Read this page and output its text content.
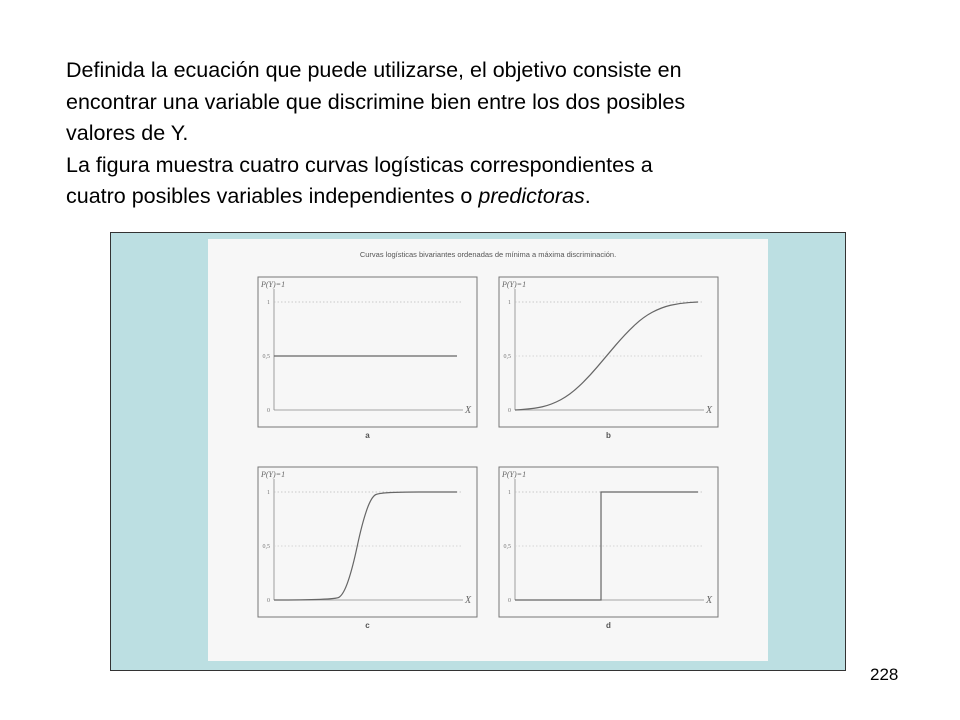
Definida la ecuación que puede utilizarse, el objetivo consiste en

encontrar una variable que discrimine bien entre los dos posibles

valores de Y.

La figura muestra cuatro curvas logísticas correspondientes a

cuatro posibles variables independientes o predictoras.

Curvas logísticas bivariantes ordenadas de mínima a máxima discriminación.
P(Y)=1
X
1
0,5
0
a
P(Y)=1
X
1
0,5
0
b
P(Y)=1
X
1
0,5
0
c
P(Y)=1
X
1
0,5
0
d
228
